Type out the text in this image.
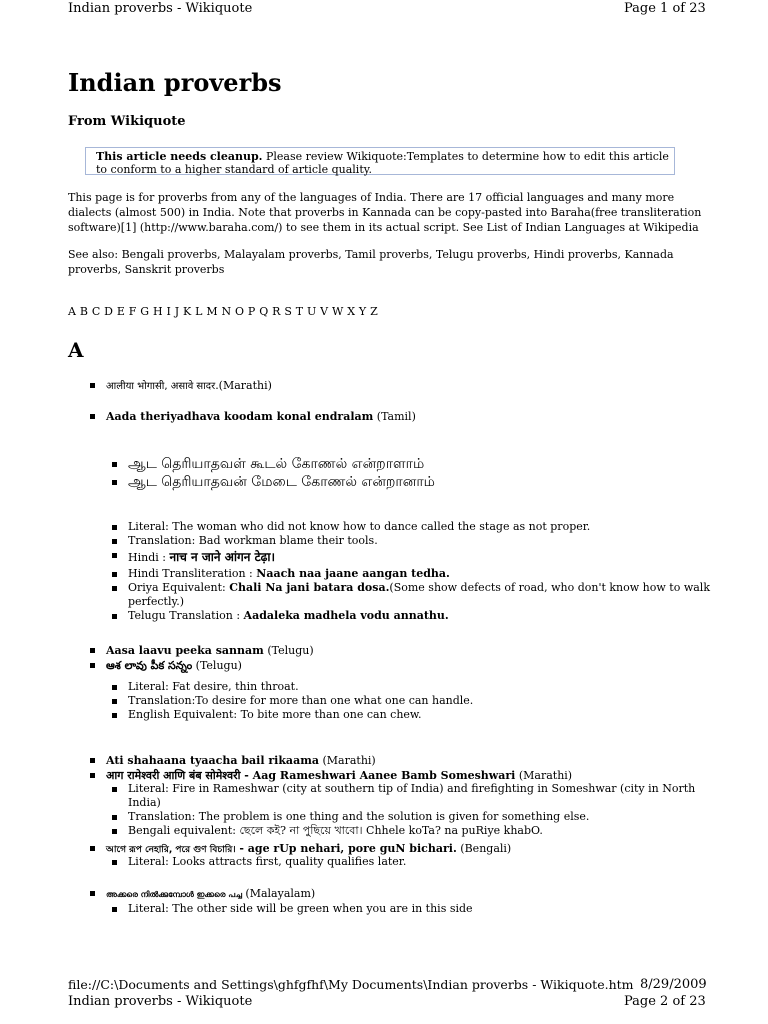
Indian proverbs - Wikiquote	Page 1 of 23
Indian proverbs
From Wikiquote
This article needs cleanup. Please review Wikiquote:Templates to determine how to edit this article to conform to a higher standard of article quality.
This page is for proverbs from any of the languages of India. There are 17 official languages and many more dialects (almost 500) in India. Note that proverbs in Kannada can be copy-pasted into Baraha(free transliteration software)[1] (http://www.baraha.com/) to see them in its actual script. See List of Indian Languages at Wikipedia
See also: Bengali proverbs, Malayalam proverbs, Tamil proverbs, Telugu proverbs, Hindi proverbs, Kannada proverbs, Sanskrit proverbs
A B C D E F G H I J K L M N O P Q R S T U V W X Y Z
A
आलीया भोगासी, असावे सादर.(Marathi)
Aada theriyadhava koodam konal endralam (Tamil)
ஆட தெரியாதவள் கூடல் கோணல் என்றாளாம்
ஆட தெரியாதவன் மேடை கோணல் என்றானாம்
Literal: The woman who did not know how to dance called the stage as not proper.
Translation: Bad workman blame their tools.
Hindi : नाच न जाने आंगन टेढ़ा।
Hindi Transliteration : Naach naa jaane aangan tedha.
Oriya Equivalent: Chali Na jani batara dosa.(Some show defects of road, who don't know how to walk perfectly.)
Telugu Translation : Aadaleka madhela vodu annathu.
Aasa laavu peeka sannam (Telugu)
ఆశ లావు పీక సన్నం (Telugu)
Literal: Fat desire, thin throat.
Translation:To desire for more than one what one can handle.
English Equivalent: To bite more than one can chew.
Ati shahaana tyaacha bail rikaama (Marathi)
आग रामेश्वरी आणि बंब सोमेश्वरी - Aag Rameshwari Aanee Bamb Someshwari (Marathi)
Literal: Fire in Rameshwar (city at southern tip of India) and firefighting in Someshwar (city in North India)
Translation: The problem is one thing and the solution is given for something else.
Bengali equivalent: ছেলে কই? না পুছিয়ে খাবো। Chhele koTa? na puRiye khabO.
আগে রূপ নেহারি, পরে গুণ বিচারি। - age rUp nehari, pore guN bichari. (Bengali)
Literal: Looks attracts first, quality qualifies later.
അക്കരെ നിൽക്കുമ്പോൾ ഇക്കരെ പച്ച (Malayalam)
Literal: The other side will be green when you are in this side
file://C:\Documents and Settings\ghfgfhf\My Documents\Indian proverbs - Wikiquote.htm 8/29/2009
Indian proverbs - Wikiquote	Page 2 of 23
